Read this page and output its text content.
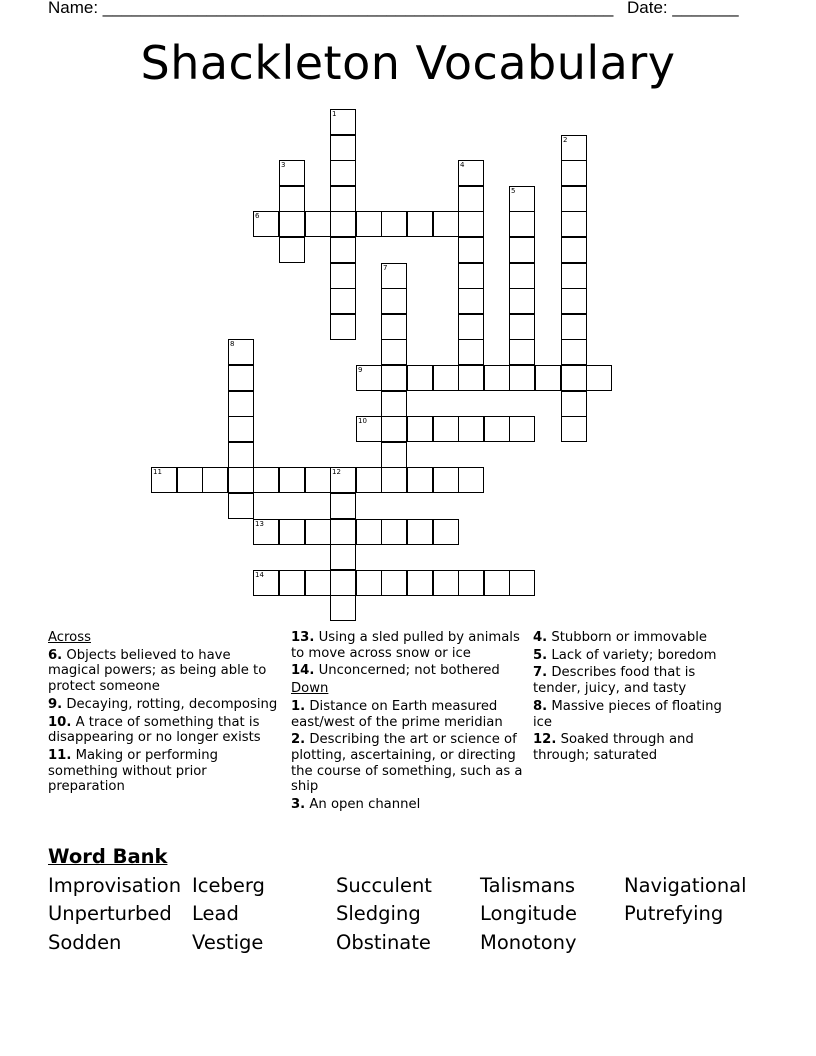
Name: ______________________________________________________ Date: _______
Shackleton Vocabulary
1
2
3	4
5
6
7
8
9
10
11	12
13
14
Across
6. Objects believed to have magical powers; as being able to protect someone
9. Decaying, rotting, decomposing
10. A trace of something that is disappearing or no longer exists
11. Making or performing something without prior preparation
13. Using a sled pulled by animals to move across snow or ice
14. Unconcerned; not bothered
Down
1. Distance on Earth measured east/west of the prime meridian
2. Describing the art or science of plotting, ascertaining, or directing the course of something, such as a ship
3. An open channel
4. Stubborn or immovable
5. Lack of variety; boredom
7. Describes food that is tender, juicy, and tasty
8. Massive pieces of floating ice
12. Soaked through and through; saturated
Word Bank
Improvisation Iceberg	Succulent Talismans	Navigational
Unperturbed Lead	Sledging	Longitude Putrefying
Sodden	Vestige	Obstinate	Monotony
